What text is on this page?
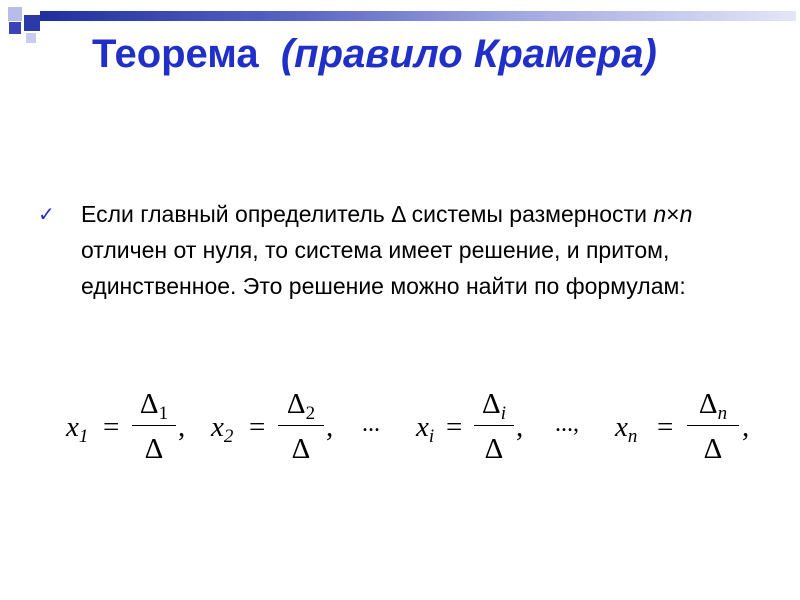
Теорема (правило Крамера)
✓ Если главный определитель Δ системы размерности n×n отличен от нуля, то система имеет решение, и притом, единственное. Это решение можно найти по формулам:

$x_1$ =
$\Delta_1$
Δ
, $x_2$ =
$\Delta_2$
Δ
, ... $x_i$ =
$\Delta_i$
Δ
, ..., $x_n$ =
$\Delta_n$
Δ
,
